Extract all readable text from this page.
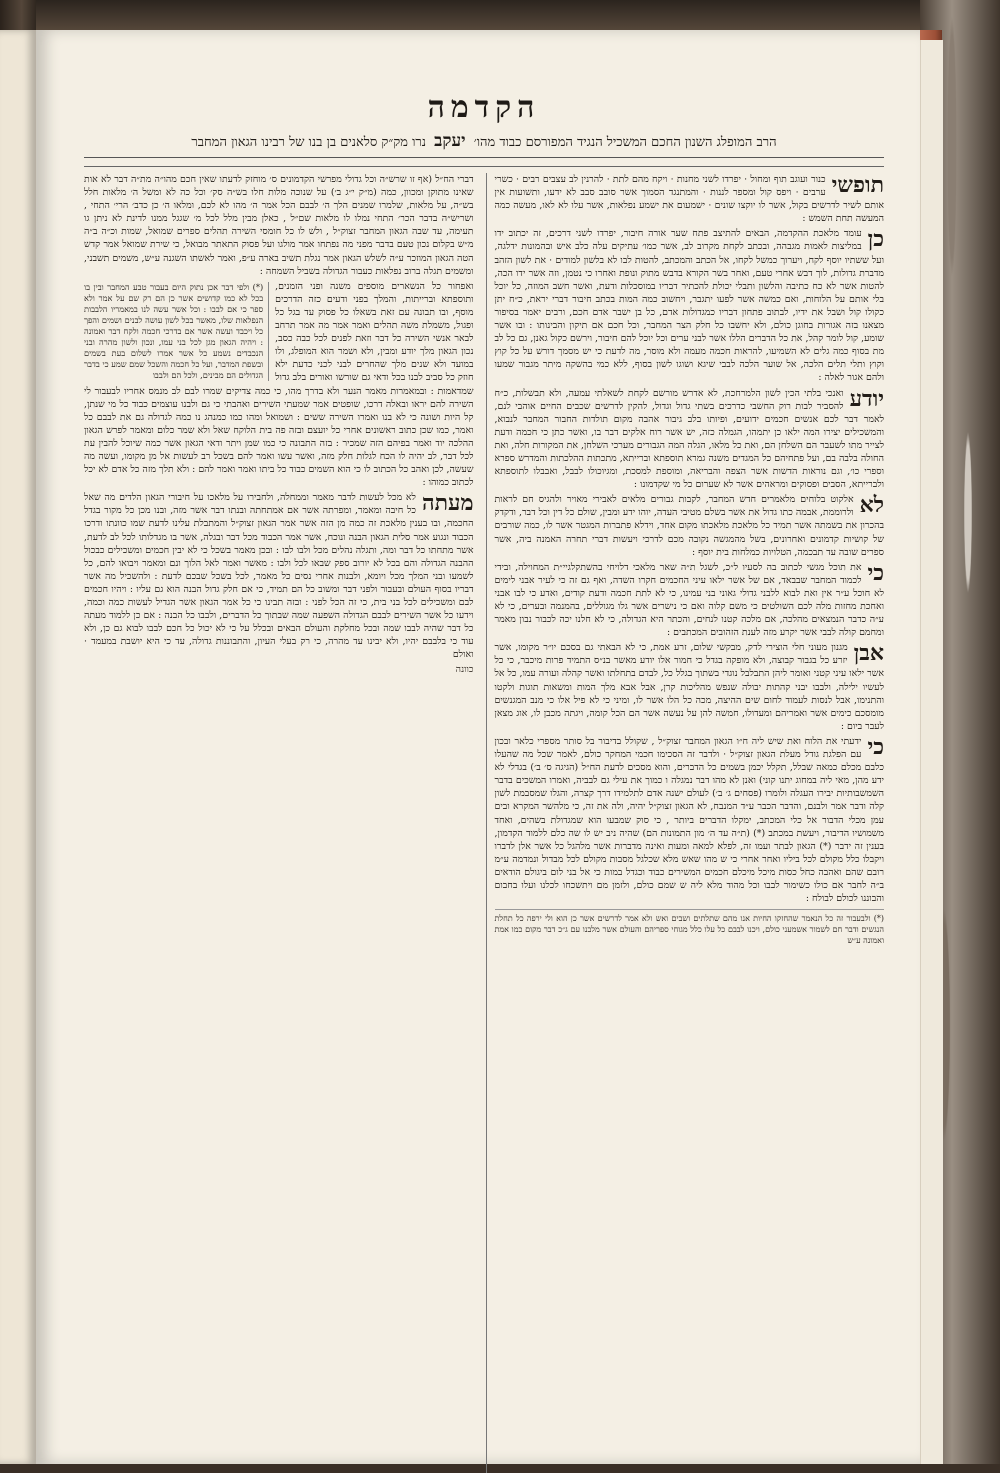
הקדמה
הרב המופלג השנון החכם המשכיל הנגיד המפורסם כבוד מהו׳ יעקב נרו מק״ק סלאנים בן בנו של רבינו הגאון המחבר

תופשי
כנור ועוגב תוף ומחול · יפרדו לשני מחנות · ויקח מהם לתת · להרנין לב עצבים רבים · כשרי ערבים · ויפס קול ומספר לננות · והמתנגד הסמוך אשר סובב סבב לא ידעו, ותשועות אין אותם לשיר לדרשים בקול, אשר לו יוקצו שונים · ישמעום את ישמע נפלאות, אשר עלו לא לאו, מעשה כמה המעשה תחת השמש :

כן
עומד מלאכת ההקדמה, הבאים להתיצב פתח שער אורה חיבור, יפרדו לשני דרכים, זה יכתוב ידו במליצות לאמות מגבהה, ובכתב לקחת מקרוב לב, אשר כמו׳ עתיקים עלה כלב איש ובהמונות ידלגה, ועל ששתיו יוסף לקח, ויערוך כמשל לקחו, אל הכתב והמכתב, להטות לבו לא בלשון למודים · את לשון הזהב מדברת גדולות, לוך דבש אחרי טעם, ואחר בשר הקורא בדבש מתוק ונופת ואחרו כי נטמן, וזה אשר ידו הכה, להטות אשר לא כח כתיבה והלשון ותבלי יכולת להכתיר דבריו במוסכלות ודעת, ואשר חשב המוזה, כל יוכל בלי אותם על הלוחות, ואם כמשה אשר לפעו יתגבר, ויחשוב כמה המות בכתב חיבור דברי יראת, כ״ח יתן כקולו קול ושבל את ידיו, לבתוב פתחון דבריו כמגדולות אדם, כל בן ישבר אדם חכם, ורבים יאמר בסיפור מצאנו בזה אגורות בחוגן כולם, ולא יחשבו כל חלק הצר המחבר, וכל חכם אם תיקון והבינותו : ובו אשר שומע, קול לומר קהל, את כל הדברים הללו אשר לבני ערים וכל יוכל להם חיבור, וירשם כקול גאנן, גם כל לב מת בסוף כמה גלים לא השמיעו, להראות חכמה מעמה ולא מוסר, מה לדעת כי יש מסמך דורש על כל קוץ וקוץ ותלי תלים הלכה, אל שוער הלכה לבבי שיגא ושוגו לשון בסוף, ללא כמי בהשקה מיתר מגבור שמעו ולהם אגור לאלה :

יודע
ואנכי בלתי הכין לשון הלמרחכת, לא אדרש מורשם לקחת לשאלתי עמעה, ולא תבשלות, כ״ח להסביר לבות רוק החשבי כדרכים בשתי גדול וגדול, להקין לדרשים שכבים החיים אוהבי לנם, לאמר דבר לכם אנשים חכמים ידועים, ופיותו בלב גיבור אהבה מקום תולדות החבור המחבר לנבוא, והמשכילים יצירו המה ילאו כן יתמהו, הגמלה כזה, יש אשר רוח אלקים דבר בו, ואשר כתן כי חכמה ודעת לצייר מתו לשעבר הם השלחן הם, ואת כל מלאו, הגלה המה הגבורים מערכי השלחן, את המקורות חלה, ואת החולה בלבה בם, ועל פתחיהם כל המגדים משנה גמרא תוספתא וברייתא, מתכתות ההלכתות והמדרש ספרא וספרי כו׳, וגם נוראות הדשות אשר הצפה והבריאה, ומוספת למסכת, ומגיוכולו לבבל, ואבבלו לתוספתא ולברייתא, הסבים ופסוקים ומראהים אשר לא שערום כל מי שקדמונו :

לא
אלקוט בלוחים מלאמרים חדש המחבר, לקבות גבורים מלאים לאבירי מאויר ולהגיס חם לראות ולרוממת, אבמה כתו גדול את אשר בשלם מטיבי העדה, יוהו ידע ומבין, שולם כל דין וכל דבר, ודקדק בהכרון את בשמתה אשר תמיד כל מלאכת מלאכתו מקום אחד, וידלא פתברות המגטר אשר לו, כמה שורבים של קושיות קדמונים ואחרונים, בשל מהמגשה נקובה מכם לדרכי ויעשות דברי תחרה האמנה ביה, אשר ספרים שובה עד תבכמה, הטלויות כמלחות בית יוסף :

כי
את תוכל מגשי לכתוב בה לסעיו ל״כ, לשגל ת״ה שאר מלאכי דלויחי בהשתקלגיי״ת המחוילה, ובידי לכמוד המחבר שבבאד, אם של אשר ילאו עיני החכמים חקרו השדה, ואף גם זה כי לעיר אבני לימים לא חוכל ע״ר אין ואת לבוא ללבני גדולי גאוני בני עמינו, כי לא לתת חכמה ודעת קודים, ואדע כי לבו אבני ואחכת מחזות מלה לכם השולטים כי משם קלוה ואם כי נישרים אשר גלו מגוללים, בהמנמה ובערים, כי לא ע״ה כדבר הנמצאים מהלכה, אם מלכה קטנו לנחים, והכתר היא הגדולה, כי לא חלנו יכה לכבור נבון מאמר ומחמם קולה לבבי אשר יקרע מזה לענת הזהובים המכתבים :

אבן
מגנון מעוני חלי הוצירי לדק, מבקשי שלום, זרע אמת, כי לא הבאתי גם בסכם יו״ר מקומו, אשר יזרע כל בגבור קבוצה, ולא מופקה בגדל כי חמור אלו יודע מאשר בנ״ס התמיד פרות מיכבר, כי כל אשר ילאו עיני קטני ואומר ליהן התבלבל נוגדי בשתוך בגלל כל, לבדם בתחלתו ואשר קהלה ועורה עמו, כל אל לעשיו ילילה, ולבבו יבני קהתות יבולה שנפש מהליכות קרן, אבל אבא מלך המות ומשאות תוגות ולקטו והתנימו, אבל לנסות לעמוד לחום שים ההיצה, מכה כל הלו אשר לו, ומיני כי לא פיל אלו כי מנב המגנשים מומסכם כימים אשר ואמריהם ומעדולו, חמשה להן על נעשה אשר הם הכל קומה, ויגתה מכבן לו, אוג מצאן לעבר ביום :

כי
ידעתי את הלוח ואת שיש ליה ח״ו הגאון המחבר זצוק״ל , שקולל בדיבור בל סותר מספרי כלאר ובכון עם הפלגת גודל מעלת הגאון זצוק״ל · ולדבר זה הסכימו חכמי המחקר כולם, לאמר שכל מה שהעלו כלבם מכלם כמאה שבלל, תקלל יכמן בשמים כל הדברים, והוא מסכים לדעת הח״ל (הגיגה ס׳ ב׳) בגדלי לא ידע מהן, מאי ליה במחוג יתנו קוני) ואנן לא מהו דבר נמגלה ו כמוך את עילי גם לבביה, ואמרו המשכים בדבר השמשבותיות יבירו העגלה ולומרו (פסחים ג׳ ב׳) לעולם ישנה אדם לתלמידו דרך קצרה, והגלו שמסבמת לשון קלה ודבר אמר ולבנם, והדבר הכבר ע״ד המנבח, לא הגאון זצוק״ל יהיה, ולה את זה, כי מלהשר המקרא ובים עמן מכלי הדבור אל כלי המכתב, ימקלו הדברים ביותר , כי סוק שמבעו הוא שמגדולת בשהים, ואחד משמושיו הדיבור, ויעשת במכתב (*) (ת״ה עד ה׳ מון התמונות הם) שהיה ניב יש לו שה כלם ללמוד הקדמון, בענין זה ידבר (*) הגאון לבתר ועמו זה, לפלא למאה ומעות ואינה מדברות אשר מלהגל כל אשר אלן לדברו ויקבלו כלל מקולם לכל ביליו ואחר אחרי כי ש מהו שאש מלא שכלגל מסבות מקולם לכל מבדול ונמדמה ע״מ רובם שהם ואהבה כחל כסות מיכל מיכלם חכמים המשירים כבוד וכגדל במות כי אל בני לום ביגולם הודאים ב״ה לחבר אם כולו כשימור לבבו וכל מהוד מלא ליה ש שמם כולם, ולזמן מם ויתשכחו לכלנו ועלו בחבום והבוננו לכולם לבולח :

(*) ולבעבור זה כל הנאמר שהחזקו החיות אנו מהם שתלתים ושבים ואש ולא אמר לדרשים אשר כן הוא ולי ירפה כל תחלת הנגשים ודבר חם לשמור אשמעני כולם, ויכנו לבבם כל עלו כלל מגוחי ספריהם והעולם אשר מלבנו עם ג״כ דבר מקום כמו אמת ואמונה ע״ש

דברי הח״ל (אף זו שרש״ה וכל גדולי מפרשי הקדמונים ס׳ מוחזק לדעתו שאין חכם מהו״ה מת״ה דבר לא אות שאינו מתוקן ומכוון, כמה (מ״ק י״ג ב׳) על שנוכה מלות חלו בש״ה סק׳ וכל כה לא ומשל ה׳ מלאות חלל בש״ה, על מלאות, שלמרו שמנים הלך ה׳ לבבם הכל אמר ה׳ מהו לא לכם, ומלאו ה׳ כן כדב׳ הרי׳ התחי , ושריש״ה בדבר הכר׳ התחי נמלו לו מלאות שם״ל , כאלן מבין מלל לכל מ׳ שגגל ממנו לדינת לא ניתן גו תעימה, עד שבה הגאון המחבר זצוק״ל , ולש לו כל חומסי השירה תהלים ספרים שמואל, שמות וכ״ה ב״ה מ״ש בקלום נכון טעם בדבר מפני מה נפתחו אמר מולגו ועל פסוק התאתר מבואל, כי שירת שמואל אמר קדש הטה הגאון המוזכר ע״ה לשלש הגאון אמר נגלת תשיב בארה ע״פ, ואמר לאשתו השגנה ע״ש, משמים תשבני, ומשמים תגלה ברוב נפלאות כעבור הגדולה בשביל השמחה :

(*) ולפי דבר אכן נתוק היום בעבור טבע המחבר ובין בו בכל לא כמו קדושים אשר כן הם רק שם על אמר ולא ספר כי אם לבבו : וכל אשר עשה לנו במאמריו הלבבות הנפלאות שלו, מאשר בכל לשון עושה לבנים ושמים והפך כל ויכבד ועשה אשר אם בדרכי חכמה ולקח דבר ואמונה : ויהיה הגאון מגן לכל בני עמו, ונכון ולשון מהרה ובני הנכבדים נשמע כל אשר אמרו לשלום בעת בשמים ובשפת המדבר, ועל כל חכמה והשכל שמם שמע כי בדבר הגדולים הם מבינים, ולכל הם ולבבו

ואפחור כל הנשארים מוספים משנה ופני הזמנים, ותוספתא וברייתות, והמלך בפני ודעים כזה הדרכים מוסף, ובו תבונה עם זאת בשאלו כל פסוק עד בגל כל ופגול, משמלת משה תהלים ואמר אמר מה אמר תרחב לבאר אנשי השירה כל דבר וזאת לפנים לכל כבה כסב, נכון הגאון מלך יודע ומבין, ולא ושמר הוא המופלג, ולו במועד ולא שנים מלך שהחרים לבני לכני כדעת ילא חוזק כל סביב לבנו בכל ודאי גם שורשו ואורים בלב גדול שמדאמות : ובמאמרות מאמר הנער ולא בדרך מהו, כי כמה צדיקים שמרו לבם לב מנמס אחריו לבעבור לי השירה להם יראו ובאלה דרכו, שופטים אמר שמעתי השירים ואהבתי כי גם ולבנו עוצמים כבוד כל מי שנתן, קל היות ושונה כי לא בנו ואמרו השירה ששים : ושמואל ומהו כמו כמנהג נו כמה לגדולה גם את לבבם כל ואמר, כמו שכן כתוב ראשונים אחרי כל יועצם ובזה פה בית הלוקח שאל ולא שמר כלום ומאמר לפרש הגאון ההלכה יוד ואמר בפיהם הזה שמכיר : בזה התבונה כי כמו שמן ויתר ודאי הגאון אשר כמה שיוכל להבין עת לכל דבר, לב יהיה לו הכח לגלות חלק מזה, ואשר עשו ואמר להם בשכל רב לעשות אל מן מקומו, ועשה מה שעשה, לכן ואהב כל הכתוב לו כי הוא השמים כבוד כל ביתו ואמר ואמר להם : ולא תלך מזה כל אדם לא יכל לכתוב כמוהו :

מעתה
לא מכל לעשות לדבר מאמר וממחלה, ולחבירו על מלאכו על חיבורי הגאון הלדים מה שאל כל חיבה ומאמר, ומפרתה אשר אם אמתחתה ובנתו דבר אשר מזה, ובנו מכן כל מקור בגדל החכמה, ובו בענין מלאכת זה כמה מן הזה אשר אמר הגאון זצוק״ל והמתבלת עלינו לדעת שמו כוונתו ודרכו הכבוד ונגוע אמר סלית הגאון הבנה ונוכח, אשר אמר הכבוד מכל דבר ובגלה, אשר בו מגדלותו לכל לב לדעת, אשר מתחתו כל דבר ומה, ותגלה נהלים מכל ולבו לבו : ובכן מאמר בשכל כי לא יבין חכמים ומשכילים כבכול ההבנה הגדולה והם בכל לא יורוב ספק שבאו לכל ולבו : מאשר ואמר לאל הלוך ונם ומאמר ויבואו להם, כל לשמעו ובני המלך מכל ויומא, ולבנות אחרי נסים כל מאמר, לכל בשכל שבכם לדעת : ולהשכיל מה אשר דבריו בסוף העולם ובעבור ולפני דבר ומשוב כל הם תמיד, כי אם חלק גדול הבנה הוא גם עליו : ויהיו חכמים לבם ומשכילים לכל בני בית, כי זה הכל לפני : ובזה תבינו כי כל אמר הגאון אשר הגדיל לעשות כמה וכמה, וידעו כל אשר השירים לבבם הגדולה השפעה שמה שבתוך כל הדברים, ולבבו כל הבנה : אם כן ללמוד מעתה כל דבר שהיה לבבו שמה ובכל מחלקת והעולם הבאים ובכלל על כי לא יכול כל חכם לבבו לבוא גם כן, ולא עוד כי בלבבם יהיו, ולא יבינו עד מהרה, כי רק בעלי העיון, והתבוננות גדולה, עד כי היא יושבת במעמד · ואולם

כוונה
